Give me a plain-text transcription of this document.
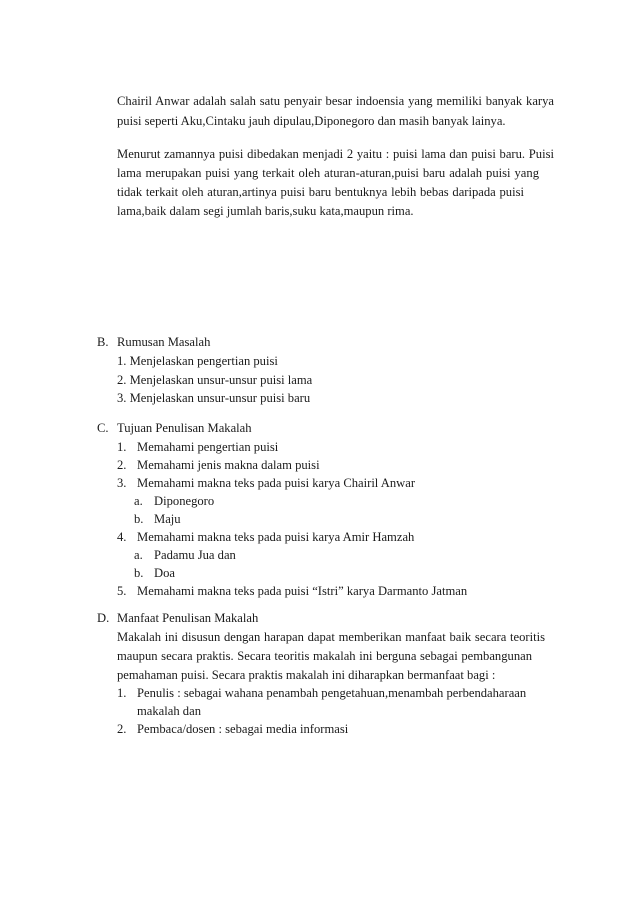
Chairil Anwar adalah salah satu penyair besar indoensia yang memiliki banyak karya
puisi seperti Aku,Cintaku jauh dipulau,Diponegoro dan masih banyak lainya.
Menurut zamannya puisi dibedakan menjadi 2 yaitu : puisi lama dan puisi baru. Puisi
lama merupakan puisi yang terkait oleh aturan-aturan,puisi baru adalah puisi yang
tidak terkait oleh aturan,artinya puisi baru bentuknya lebih bebas daripada puisi
lama,baik dalam segi jumlah baris,suku kata,maupun rima.
B. Rumusan Masalah
1. Menjelaskan pengertian puisi
2. Menjelaskan unsur-unsur puisi lama
3. Menjelaskan unsur-unsur puisi baru
C. Tujuan Penulisan Makalah
1. Memahami pengertian puisi
2. Memahami jenis makna dalam puisi
3. Memahami makna teks pada puisi karya Chairil Anwar
a. Diponegoro
b. Maju
4. Memahami makna teks pada puisi karya Amir Hamzah
a. Padamu Jua dan
b. Doa
5. Memahami makna teks pada puisi “Istri” karya Darmanto Jatman
D. Manfaat Penulisan Makalah
Makalah ini disusun dengan harapan dapat memberikan manfaat baik secara teoritis
maupun secara praktis. Secara teoritis makalah ini berguna sebagai pembangunan
pemahaman puisi. Secara praktis makalah ini diharapkan bermanfaat bagi :
1. Penulis : sebagai wahana penambah pengetahuan,menambah perbendaharaan
makalah dan
2. Pembaca/dosen : sebagai media informasi
